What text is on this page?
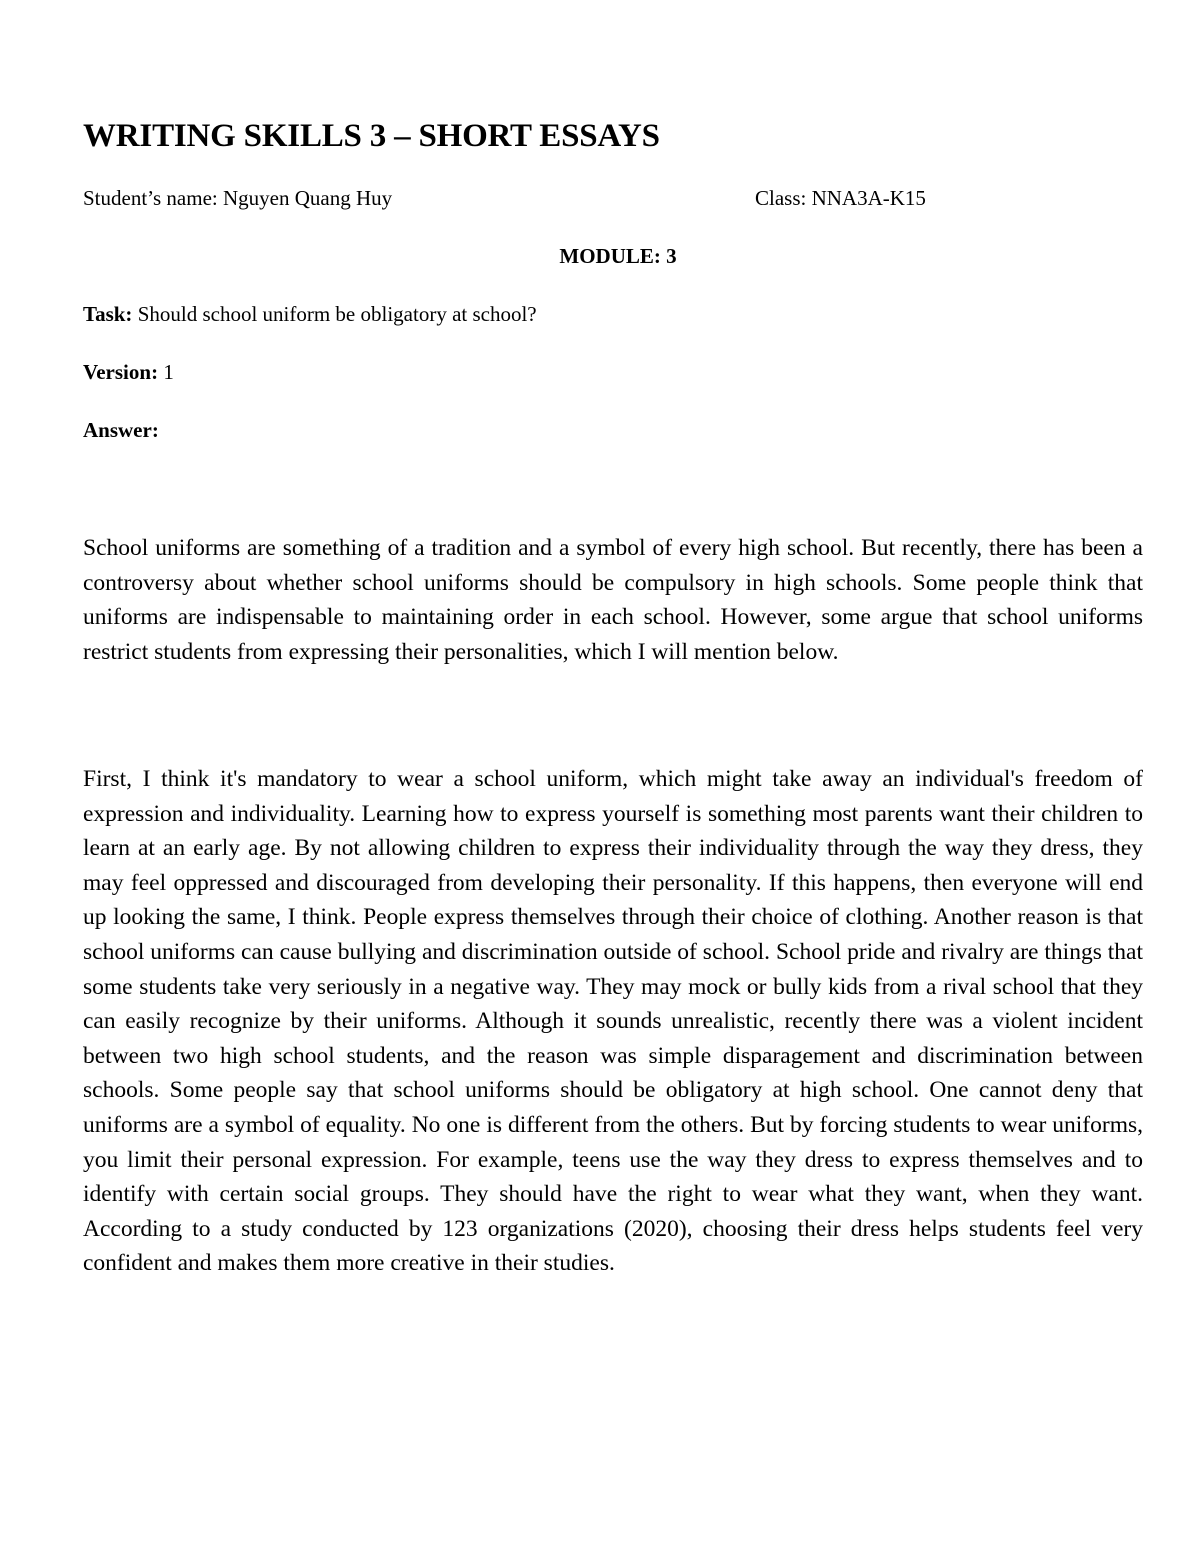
WRITING SKILLS 3 – SHORT ESSAYS
Student’s name: Nguyen Quang Huy	Class: NNA3A-K15
MODULE: 3
Task: Should school uniform be obligatory at school?
Version: 1
Answer:

School uniforms are something of a tradition and a symbol of every high school. But recently, there has been a controversy about whether school uniforms should be compulsory in high schools. Some people think that uniforms are indispensable to maintaining order in each school. However, some argue that school uniforms restrict students from expressing their personalities, which I will mention below.

First, I think it's mandatory to wear a school uniform, which might take away an individual's freedom of expression and individuality. Learning how to express yourself is something most parents want their children to learn at an early age. By not allowing children to express their individuality through the way they dress, they may feel oppressed and discouraged from developing their personality. If this happens, then everyone will end up looking the same, I think. People express themselves through their choice of clothing. Another reason is that school uniforms can cause bullying and discrimination outside of school. School pride and rivalry are things that some students take very seriously in a negative way. They may mock or bully kids from a rival school that they can easily recognize by their uniforms. Although it sounds unrealistic, recently there was a violent incident between two high school students, and the reason was simple disparagement and discrimination between schools. Some people say that school uniforms should be obligatory at high school. One cannot deny that uniforms are a symbol of equality. No one is different from the others. But by forcing students to wear uniforms, you limit their personal expression. For example, teens use the way they dress to express themselves and to identify with certain social groups. They should have the right to wear what they want, when they want. According to a study conducted by 123 organizations (2020), choosing their dress helps students feel very confident and makes them more creative in their studies.
